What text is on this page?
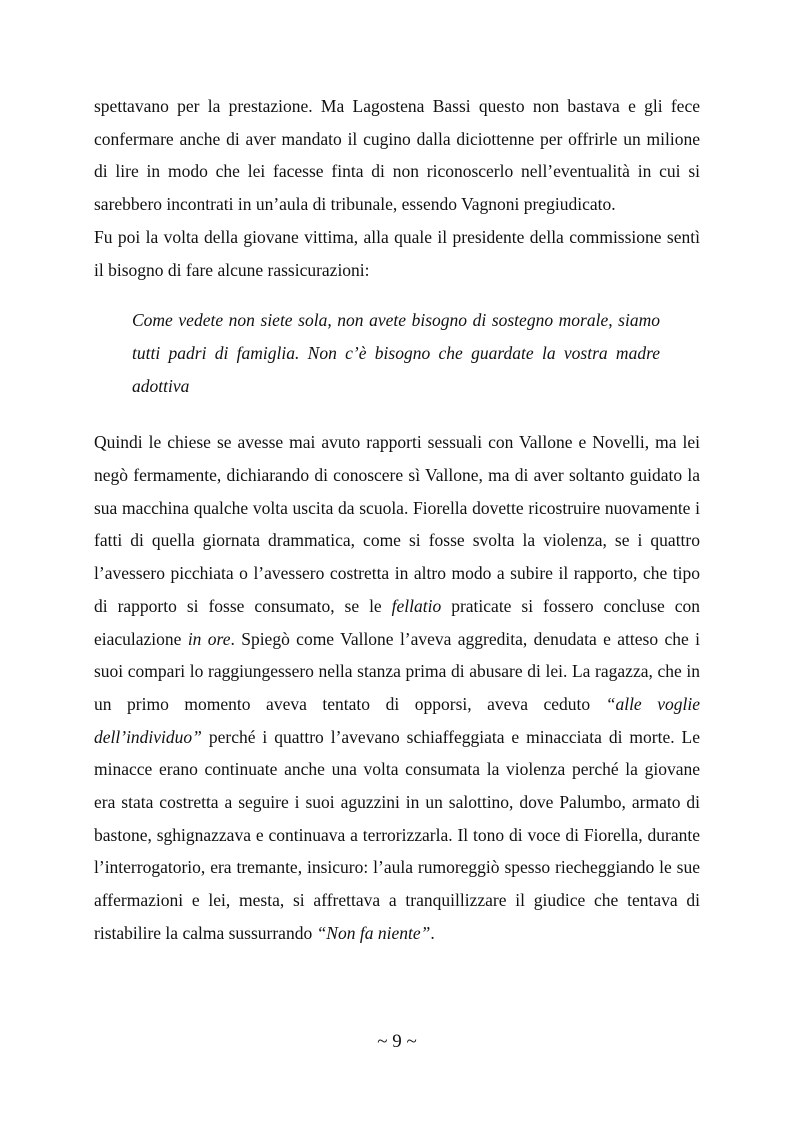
spettavano per la prestazione. Ma Lagostena Bassi questo non bastava e gli fece confermare anche di aver mandato il cugino dalla diciottenne per offrirle un milione di lire in modo che lei facesse finta di non riconoscerlo nell’eventualità in cui si sarebbero incontrati in un’aula di tribunale, essendo Vagnoni pregiudicato.

Fu poi la volta della giovane vittima, alla quale il presidente della commissione sentì il bisogno di fare alcune rassicurazioni:

Come vedete non siete sola, non avete bisogno di sostegno morale, siamo tutti padri di famiglia. Non c’è bisogno che guardate la vostra madre adottiva

Quindi le chiese se avesse mai avuto rapporti sessuali con Vallone e Novelli, ma lei negò fermamente, dichiarando di conoscere sì Vallone, ma di aver soltanto guidato la sua macchina qualche volta uscita da scuola. Fiorella dovette ricostruire nuovamente i fatti di quella giornata drammatica, come si fosse svolta la violenza, se i quattro l’avessero picchiata o l’avessero costretta in altro modo a subire il rapporto, che tipo di rapporto si fosse consumato, se le fellatio praticate si fossero concluse con eiaculazione in ore. Spiegò come Vallone l’aveva aggredita, denudata e atteso che i suoi compari lo raggiungessero nella stanza prima di abusare di lei. La ragazza, che in un primo momento aveva tentato di opporsi, aveva ceduto “alle voglie dell’individuo” perché i quattro l’avevano schiaffeggiata e minacciata di morte. Le minacce erano continuate anche una volta consumata la violenza perché la giovane era stata costretta a seguire i suoi aguzzini in un salottino, dove Palumbo, armato di bastone, sghignazzava e continuava a terrorizzarla. Il tono di voce di Fiorella, durante l’interrogatorio, era tremante, insicuro: l’aula rumoreggiò spesso riecheggiando le sue affermazioni e lei, mesta, si affrettava a tranquillizzare il giudice che tentava di ristabilire la calma sussurrando “Non fa niente”.

~ 9 ~
